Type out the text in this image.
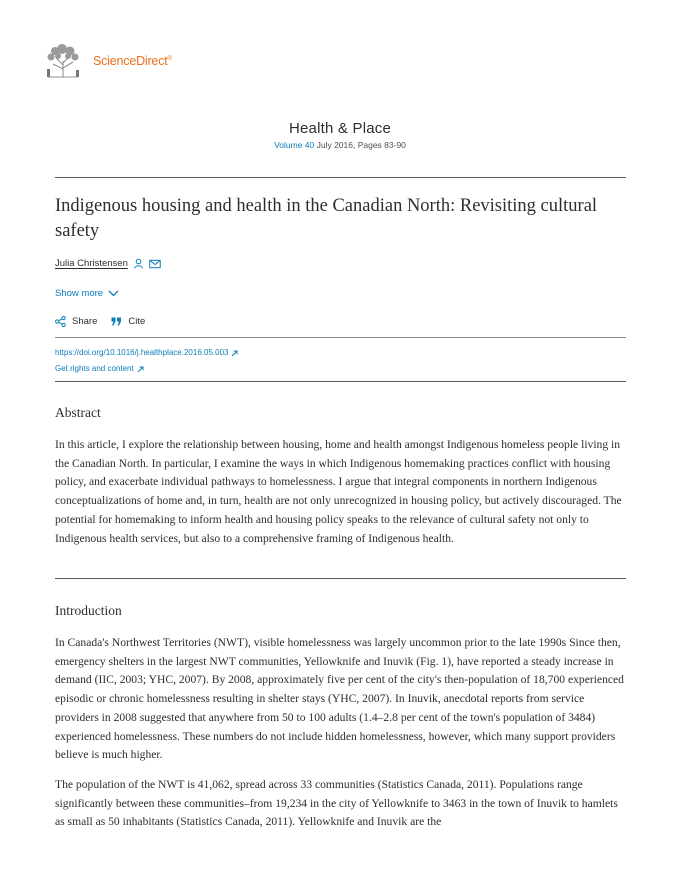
ScienceDirect®
Health & Place
Volume 40 July 2016, Pages 83-90
Indigenous housing and health in the Canadian North: Revisiting cultural safety
Julia Christensen
Show more
Share	Cite
https://doi.org/10.1016/j.healthplace.2016.05.003
Get rights and content
Abstract

In this article, I explore the relationship between housing, home and health amongst Indigenous homeless people living in the Canadian North. In particular, I examine the ways in which Indigenous homemaking practices conflict with housing policy, and exacerbate individual pathways to homelessness. I argue that integral components in northern Indigenous conceptualizations of home and, in turn, health are not only unrecognized in housing policy, but actively discouraged. The potential for homemaking to inform health and housing policy speaks to the relevance of cultural safety not only to Indigenous health services, but also to a comprehensive framing of Indigenous health.

Introduction

In Canada's Northwest Territories (NWT), visible homelessness was largely uncommon prior to the late 1990s Since then, emergency shelters in the largest NWT communities, Yellowknife and Inuvik (Fig. 1), have reported a steady increase in demand (IIC, 2003; YHC, 2007). By 2008, approximately five per cent of the city's then-population of 18,700 experienced episodic or chronic homelessness resulting in shelter stays (YHC, 2007). In Inuvik, anecdotal reports from service providers in 2008 suggested that anywhere from 50 to 100 adults (1.4–2.8 per cent of the town's population of 3484) experienced homelessness. These numbers do not include hidden homelessness, however, which many support providers believe is much higher.

The population of the NWT is 41,062, spread across 33 communities (Statistics Canada, 2011). Populations range significantly between these communities–from 19,234 in the city of Yellowknife to 3463 in the town of Inuvik to hamlets as small as 50 inhabitants (Statistics Canada, 2011). Yellowknife and Inuvik are the
